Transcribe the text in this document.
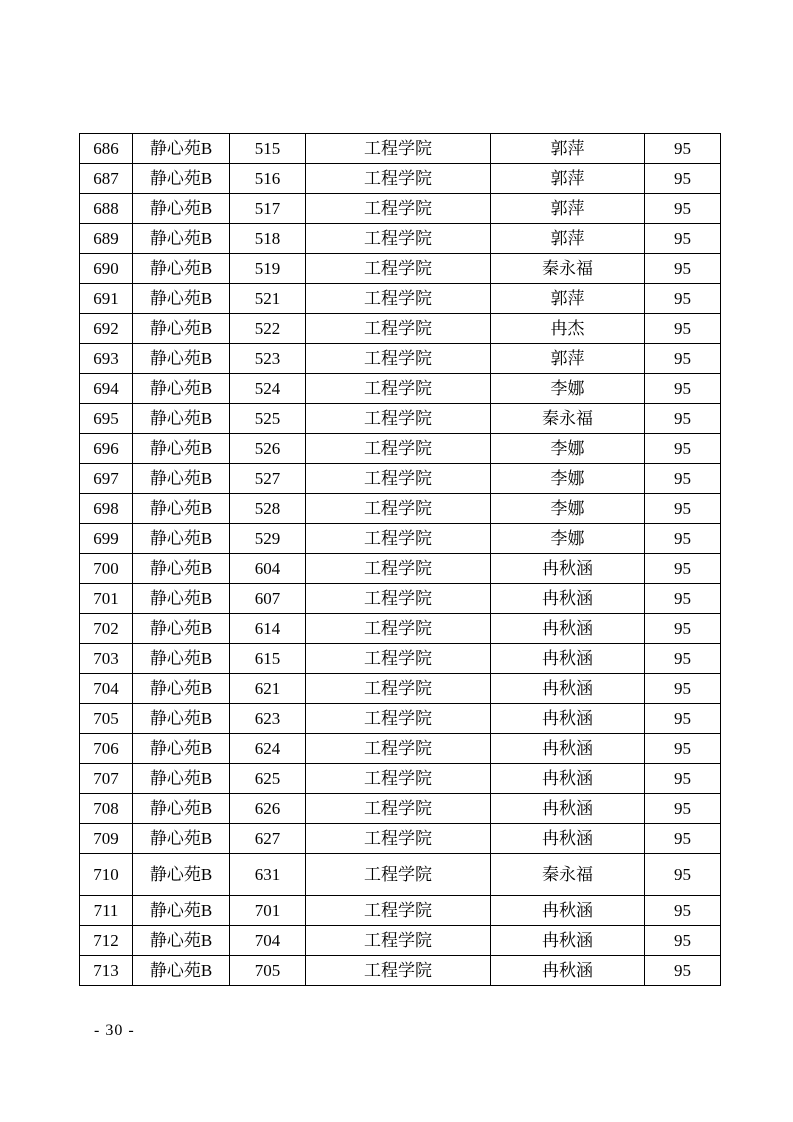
686	静心苑B	515	工程学院	郭萍	95
687	静心苑B	516	工程学院	郭萍	95
688	静心苑B	517	工程学院	郭萍	95
689	静心苑B	518	工程学院	郭萍	95
690	静心苑B	519	工程学院	秦永福	95
691	静心苑B	521	工程学院	郭萍	95
692	静心苑B	522	工程学院	冉杰	95
693	静心苑B	523	工程学院	郭萍	95
694	静心苑B	524	工程学院	李娜	95
695	静心苑B	525	工程学院	秦永福	95
696	静心苑B	526	工程学院	李娜	95
697	静心苑B	527	工程学院	李娜	95
698	静心苑B	528	工程学院	李娜	95
699	静心苑B	529	工程学院	李娜	95
700	静心苑B	604	工程学院	冉秋涵	95
701	静心苑B	607	工程学院	冉秋涵	95
702	静心苑B	614	工程学院	冉秋涵	95
703	静心苑B	615	工程学院	冉秋涵	95
704	静心苑B	621	工程学院	冉秋涵	95
705	静心苑B	623	工程学院	冉秋涵	95
706	静心苑B	624	工程学院	冉秋涵	95
707	静心苑B	625	工程学院	冉秋涵	95
708	静心苑B	626	工程学院	冉秋涵	95
709	静心苑B	627	工程学院	冉秋涵	95
710	静心苑B	631	工程学院	秦永福	95
711	静心苑B	701	工程学院	冉秋涵	95
712	静心苑B	704	工程学院	冉秋涵	95
713	静心苑B	705	工程学院	冉秋涵	95
- 30 -
